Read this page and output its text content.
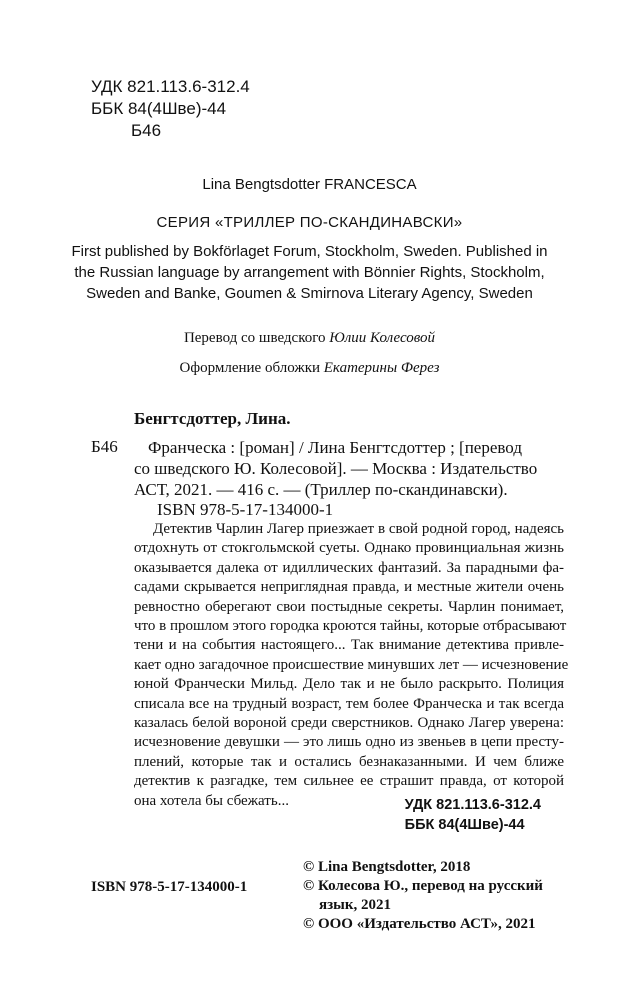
УДК 821.113.6-312.4
ББК 84(4Шве)-44
Б46
Lina Bengtsdotter FRANCESCA
СЕРИЯ «ТРИЛЛЕР ПО-СКАНДИНАВСКИ»
First published by Bokförlaget Forum, Stockholm, Sweden. Published in
the Russian language by arrangement with Bönnier Rights, Stockholm,
Sweden and Banke, Goumen & Smirnova Literary Agency, Sweden
Перевод со шведского Юлии Колесовой
Оформление обложки Екатерины Ферез
Бенгтсдоттер, Лина.
Б46	Франческа : [роман] / Лина Бенгтсдоттер ; [перевод
со шведского Ю. Колесовой]. — Москва : Издательство
АСТ, 2021. — 416 с. — (Триллер по-скандинавски).
ISBN 978-5-17-134000-1
Детектив Чарлин Лагер приезжает в свой родной город, надеясь
отдохнуть от стокгольмской суеты. Однако провинциальная жизнь
оказывается далека от идиллических фантазий. За парадными фа-
садами скрывается неприглядная правда, и местные жители очень
ревностно оберегают свои постыдные секреты. Чарлин понимает,
что в прошлом этого городка кроются тайны, которые отбрасывают
тени и на события настоящего... Так внимание детектива привле-
кает одно загадочное происшествие минувших лет — исчезновение
юной Франчески Мильд. Дело так и не было раскрыто. Полиция
списала все на трудный возраст, тем более Франческа и так всегда
казалась белой вороной среди сверстников. Однако Лагер уверена:
исчезновение девушки — это лишь одно из звеньев в цепи престу-
плений, которые так и остались безнаказанными. И чем ближе
детектив к разгадке, тем сильнее ее страшит правда, от которой
она хотела бы сбежать...	УДК 821.113.6-312.4
ББК 84(4Шве)-44
© Lina Bengtsdotter, 2018
© Колесова Ю., перевод на русский
язык, 2021
© ООО «Издательство АСТ», 2021
ISBN 978-5-17-134000-1
